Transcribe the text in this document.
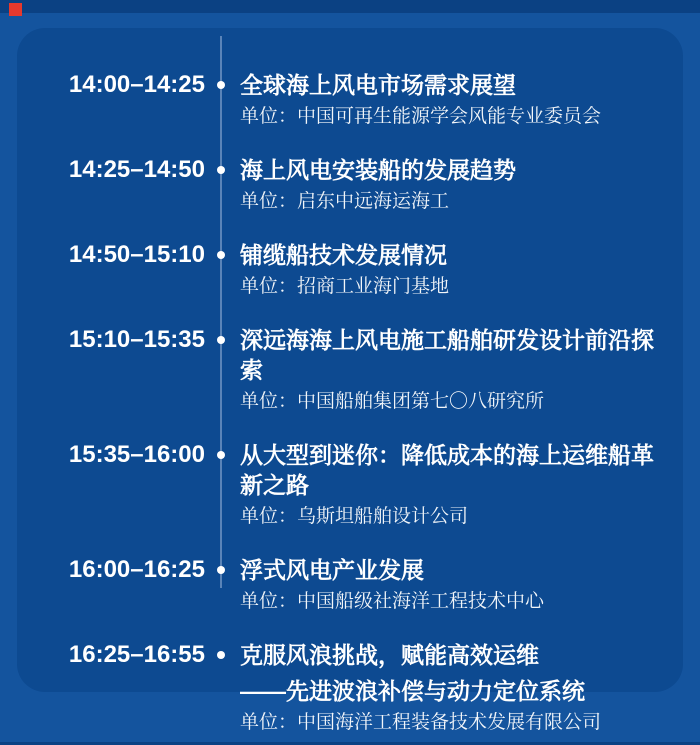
14:00–14:25 全球海上风电市场需求展望
单位：中国可再生能源学会风能专业委员会
14:25–14:50 海上风电安装船的发展趋势
单位：启东中远海运海工
14:50–15:10 铺缆船技术发展情况
单位：招商工业海门基地
15:10–15:35 深远海海上风电施工船舶研发设计前沿探索
单位：中国船舶集团第七〇八研究所
15:35–16:00 从大型到迷你：降低成本的海上运维船革新之路
单位：乌斯坦船舶设计公司
16:00–16:25 浮式风电产业发展
单位：中国船级社海洋工程技术中心
16:25–16:55 克服风浪挑战，赋能高效运维
——先进波浪补偿与动力定位系统
单位：中国海洋工程装备技术发展有限公司
